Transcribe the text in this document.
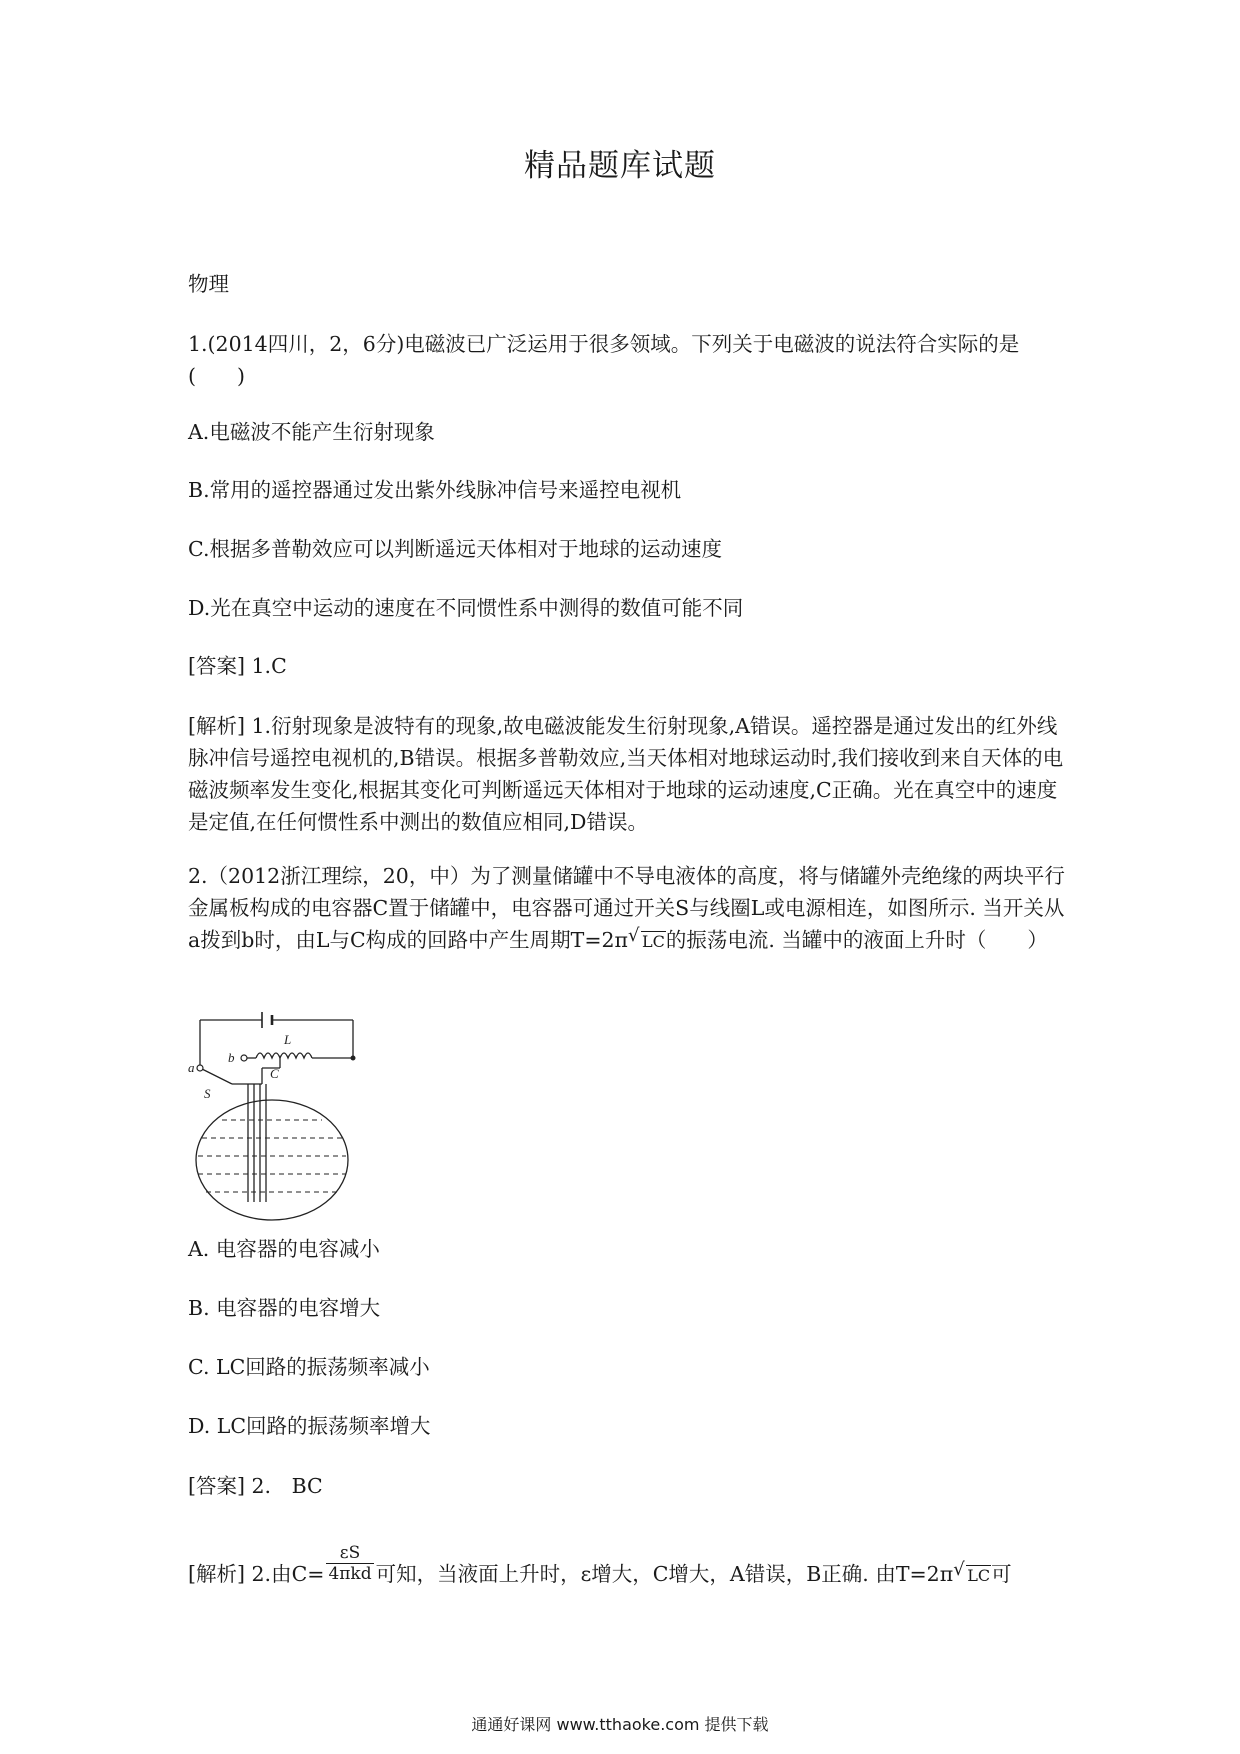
精品题库试题

物理

1.(2014四川，2，6分)电磁波已广泛运用于很多领域。下列关于电磁波的说法符合实际的是(　　)

A.电磁波不能产生衍射现象

B.常用的遥控器通过发出紫外线脉冲信号来遥控电视机

C.根据多普勒效应可以判断遥远天体相对于地球的运动速度

D.光在真空中运动的速度在不同惯性系中测得的数值可能不同

[答案] 1.C

[解析] 1.衍射现象是波特有的现象,故电磁波能发生衍射现象,A错误。遥控器是通过发出的红外线脉冲信号遥控电视机的,B错误。根据多普勒效应,当天体相对地球运动时,我们接收到来自天体的电磁波频率发生变化,根据其变化可判断遥远天体相对于地球的运动速度,C正确。光在真空中的速度是定值,在任何惯性系中测出的数值应相同,D错误。

2.（2012浙江理综，20，中）为了测量储罐中不导电液体的高度，将与储罐外壳绝缘的两块平行金属板构成的电容器C置于储罐中，电容器可通过开关S与线圈L或电源相连，如图所示. 当开关从a拨到b时，由L与C构成的回路中产生周期T=2π √ LC的振荡电流. 当罐中的液面上升时（　　）

a
b
S
L
C

A. 电容器的电容减小

B. 电容器的电容增大

C. LC回路的振荡频率减小

D. LC回路的振荡频率增大

[答案] 2.　BC

[解析] 2.由$C= \frac{\varepsilon S}{\text{4πkd}}$ 可知，当液面上升时，ε增大，C增大，A错误，B正确. 由T=2π √ LC可

通通好课网 www.tthaoke.com 提供下载
